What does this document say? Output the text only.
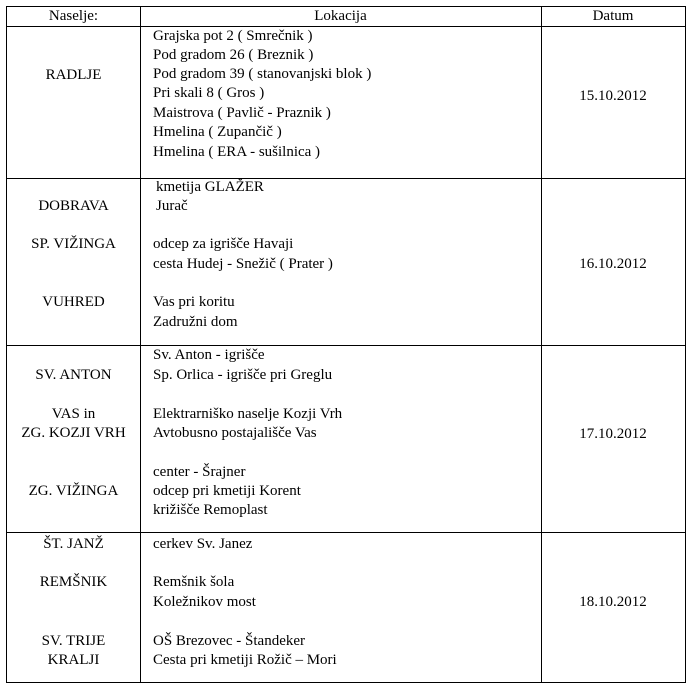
Naselje:	Lokacija	Datum
RADLJE
Grajska pot 2 ( Smrečnik )
Pod gradom 26 ( Breznik )
Pod gradom 39 ( stanovanjski blok )
Pri skali 8 ( Gros )
Maistrova ( Pavlič - Praznik )
Hmelina ( Zupančič )
Hmelina ( ERA - sušilnica )
15.10.2012
DOBRAVA
SP. VIŽINGA
VUHRED
kmetija GLAŽER
Jurač
odcep za igrišče Havaji
cesta Hudej - Snežič ( Prater )
Vas pri koritu
Zadružni dom
16.10.2012
SV. ANTON
VAS in
ZG. KOZJI VRH
ZG. VIŽINGA
Sv. Anton - igrišče
Sp. Orlica - igrišče pri Greglu
Elektrarniško naselje Kozji Vrh
Avtobusno postajališče Vas
center - Šrajner
odcep pri kmetiji Korent
križišče Remoplast
17.10.2012
ŠT. JANŽ
REMŠNIK
SV. TRIJE
KRALJI
cerkev Sv. Janez
Remšnik šola
Koležnikov most
OŠ Brezovec - Štandeker
Cesta pri kmetiji Rožič – Mori
18.10.2012
